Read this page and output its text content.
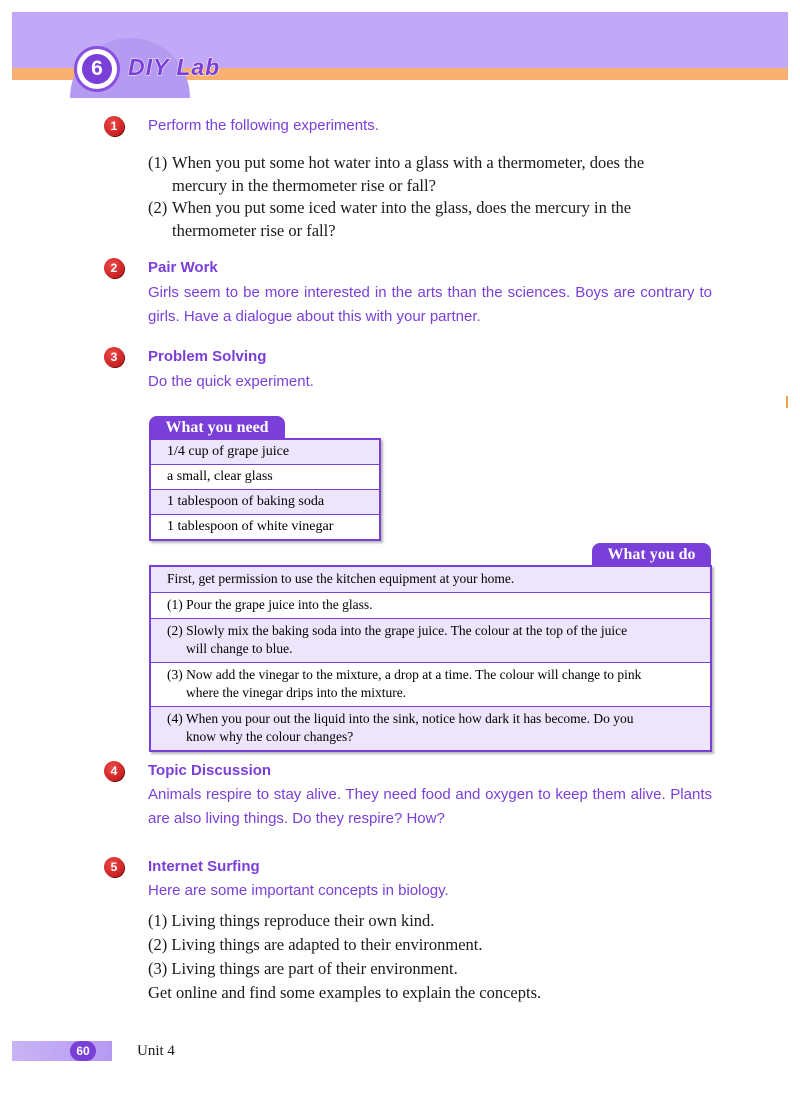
6	DIY Lab
1	Perform the following experiments.
(1) When you put some hot water into a glass with a thermometer, does the
mercury in the thermometer rise or fall?
(2) When you put some iced water into the glass, does the mercury in the
thermometer rise or fall?
2	Pair Work
Girls seem to be more interested in the arts than the sciences. Boys are contrary to girls. Have a dialogue about this with your partner.
3	Problem Solving
Do the quick experiment.
What you need
1/4 cup of grape juice
a small, clear glass
1 tablespoon of baking soda
1 tablespoon of white vinegar
What you do
First, get permission to use the kitchen equipment at your home.
(1) Pour the grape juice into the glass.
(2) Slowly mix the baking soda into the grape juice. The colour at the top of the juice
will change to blue.
(3) Now add the vinegar to the mixture, a drop at a time. The colour will change to pink
where the vinegar drips into the mixture.
(4) When you pour out the liquid into the sink, notice how dark it has become. Do you
know why the colour changes?
4	Topic Discussion
Animals respire to stay alive. They need food and oxygen to keep them alive. Plants are also living things. Do they respire? How?
5	Internet Surfing
Here are some important concepts in biology.
(1) Living things reproduce their own kind.
(2) Living things are adapted to their environment.
(3) Living things are part of their environment.
Get online and find some examples to explain the concepts.
60	Unit 4
